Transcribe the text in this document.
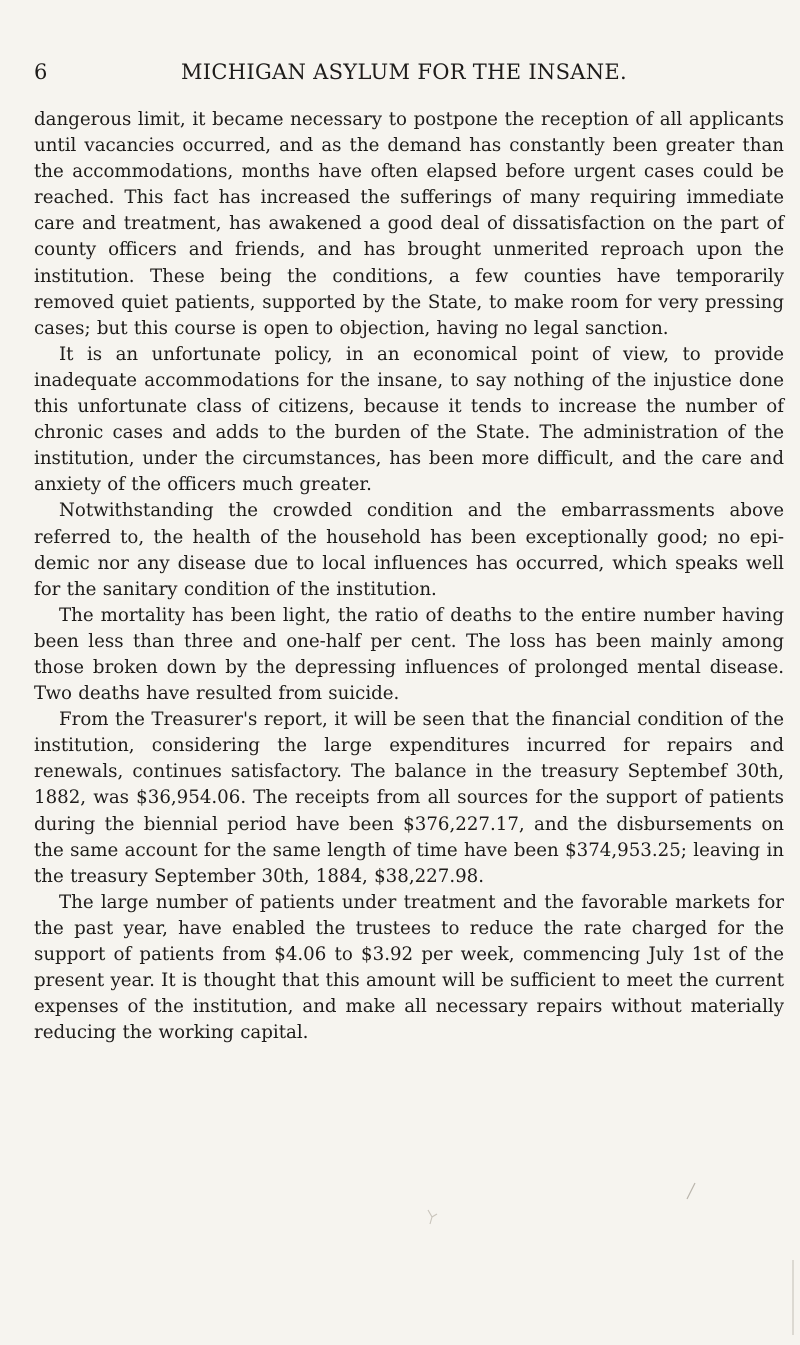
6	MICHIGAN ASYLUM FOR THE INSANE.

dangerous limit, it became necessary to postpone the reception of all applicants until vacancies occurred, and as the demand has constantly been greater than the accommodations, months have often elapsed before urgent cases could be reached. This fact has increased the sufferings of many requiring immediate care and treatment, has awakened a good deal of dissatisfaction on the part of county officers and friends, and has brought unmerited reproach upon the institution. These being the conditions, a few counties have temporarily removed quiet patients, supported by the State, to make room for very pressing cases; but this course is open to objection, having no legal sanction.

It is an unfortunate policy, in an economical point of view, to provide inadequate accommodations for the insane, to say nothing of the injustice done this unfortunate class of citizens, because it tends to increase the number of chronic cases and adds to the burden of the State. The administration of the institution, under the circumstances, has been more difficult, and the care and anxiety of the officers much greater.

Notwithstanding the crowded condition and the embarrassments above referred to, the health of the household has been exceptionally good; no epidemic nor any disease due to local influences has occurred, which speaks well for the sanitary condition of the institution.

The mortality has been light, the ratio of deaths to the entire number having been less than three and one-half per cent. The loss has been mainly among those broken down by the depressing influences of prolonged mental disease. Two deaths have resulted from suicide.

From the Treasurer's report, it will be seen that the financial condition of the institution, considering the large expenditures incurred for repairs and renewals, continues satisfactory. The balance in the treasury Septembef 30th, 1882, was $36,954.06. The receipts from all sources for the support of patients during the biennial period have been $376,227.17, and the disbursements on the same account for the same length of time have been $374,953.25; leaving in the treasury September 30th, 1884, $38,227.98.

The large number of patients under treatment and the favorable markets for the past year, have enabled the trustees to reduce the rate charged for the support of patients from $4.06 to $3.92 per week, commencing July 1st of the present year. It is thought that this amount will be sufficient to meet the current expenses of the institution, and make all necessary repairs without materially reducing the working capital.
